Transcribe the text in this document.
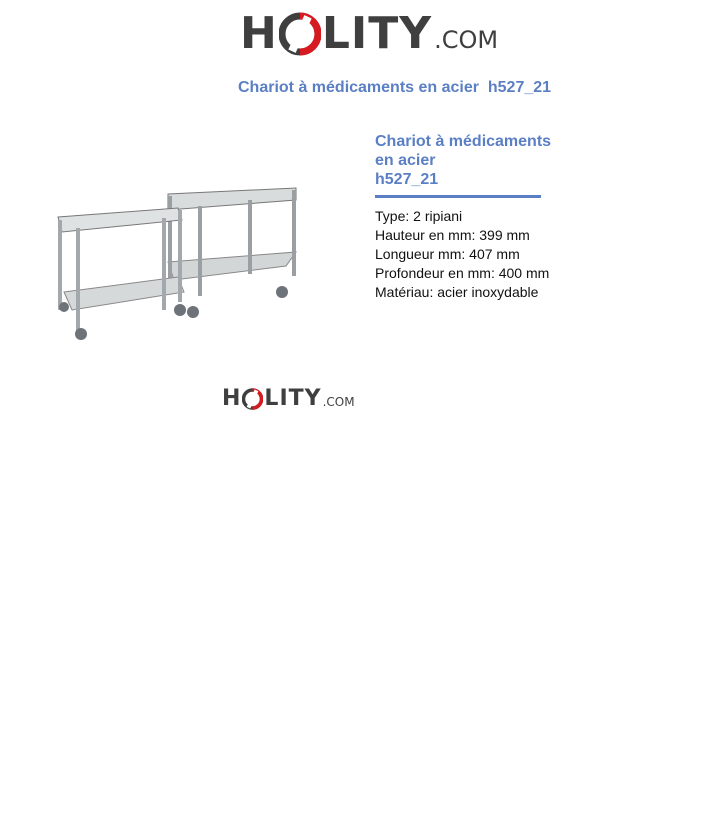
H LITY .COM
Chariot à médicaments en acier  h527_21
Chariot à médicaments
en acier
h527_21
Type: 2 ripiani
Hauteur en mm: 399 mm
Longueur mm: 407 mm
Profondeur en mm: 400 mm
Matériau: acier inoxydable
H LITY .COM
